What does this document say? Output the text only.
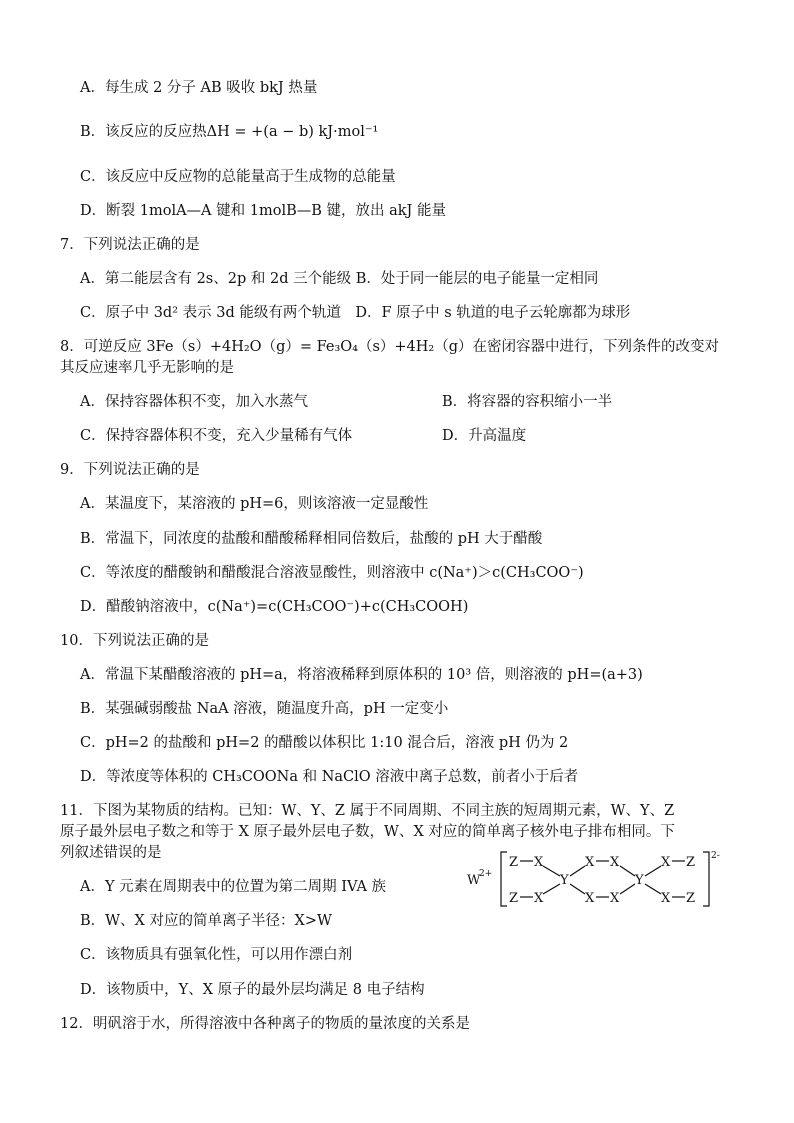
A．每生成 2 分子 AB 吸收 bkJ 热量
B．该反应的反应热ΔH = +(a − b) kJ·mol⁻¹
C．该反应中反应物的总能量高于生成物的总能量
D．断裂 1molA—A 键和 1molB—B 键，放出 akJ 能量
7．下列说法正确的是
A．第二能层含有 2s、2p 和 2d 三个能级 B．处于同一能层的电子能量一定相同
C．原子中 3d² 表示 3d 能级有两个轨道　D．F 原子中 s 轨道的电子云轮廓都为球形
8．可逆反应 3Fe（s）+4H₂O（g）= Fe₃O₄（s）+4H₂（g）在密闭容器中进行，下列条件的改变对
其反应速率几乎无影响的是
A．保持容器体积不变，加入水蒸气	B．将容器的容积缩小一半
C．保持容器体积不变，充入少量稀有气体	D．升高温度
9．下列说法正确的是
A．某温度下，某溶液的 pH=6，则该溶液一定显酸性
B．常温下，同浓度的盐酸和醋酸稀释相同倍数后，盐酸的 pH 大于醋酸
C．等浓度的醋酸钠和醋酸混合溶液显酸性，则溶液中 c(Na⁺)＞c(CH₃COO⁻)
D．醋酸钠溶液中，c(Na⁺)=c(CH₃COO⁻)+c(CH₃COOH)
10．下列说法正确的是
A．常温下某醋酸溶液的 pH=a，将溶液稀释到原体积的 10³ 倍，则溶液的 pH=(a+3)
B．某强碱弱酸盐 NaA 溶液，随温度升高，pH 一定变小
C．pH=2 的盐酸和 pH=2 的醋酸以体积比 1:10 混合后，溶液 pH 仍为 2
D．等浓度等体积的 CH₃COONa 和 NaClO 溶液中离子总数，前者小于后者
11．下图为某物质的结构。已知：W、Y、Z 属于不同周期、不同主族的短周期元素，W、Y、Z
原子最外层电子数之和等于 X 原子最外层电子数，W、X 对应的简单离子核外电子排布相同。下
列叙述错误的是
A．Y 元素在周期表中的位置为第二周期 IVA 族
B．W、X 对应的简单离子半径：X>W
C．该物质具有强氧化性，可以用作漂白剂
D．该物质中，Y、X 原子的最外层均满足 8 电子结构
12．明矾溶于水，所得溶液中各种离子的物质的量浓度的关系是
W
2+
2-
Z X
Z X
Y
X X
X X
Y
X Z
X Z
